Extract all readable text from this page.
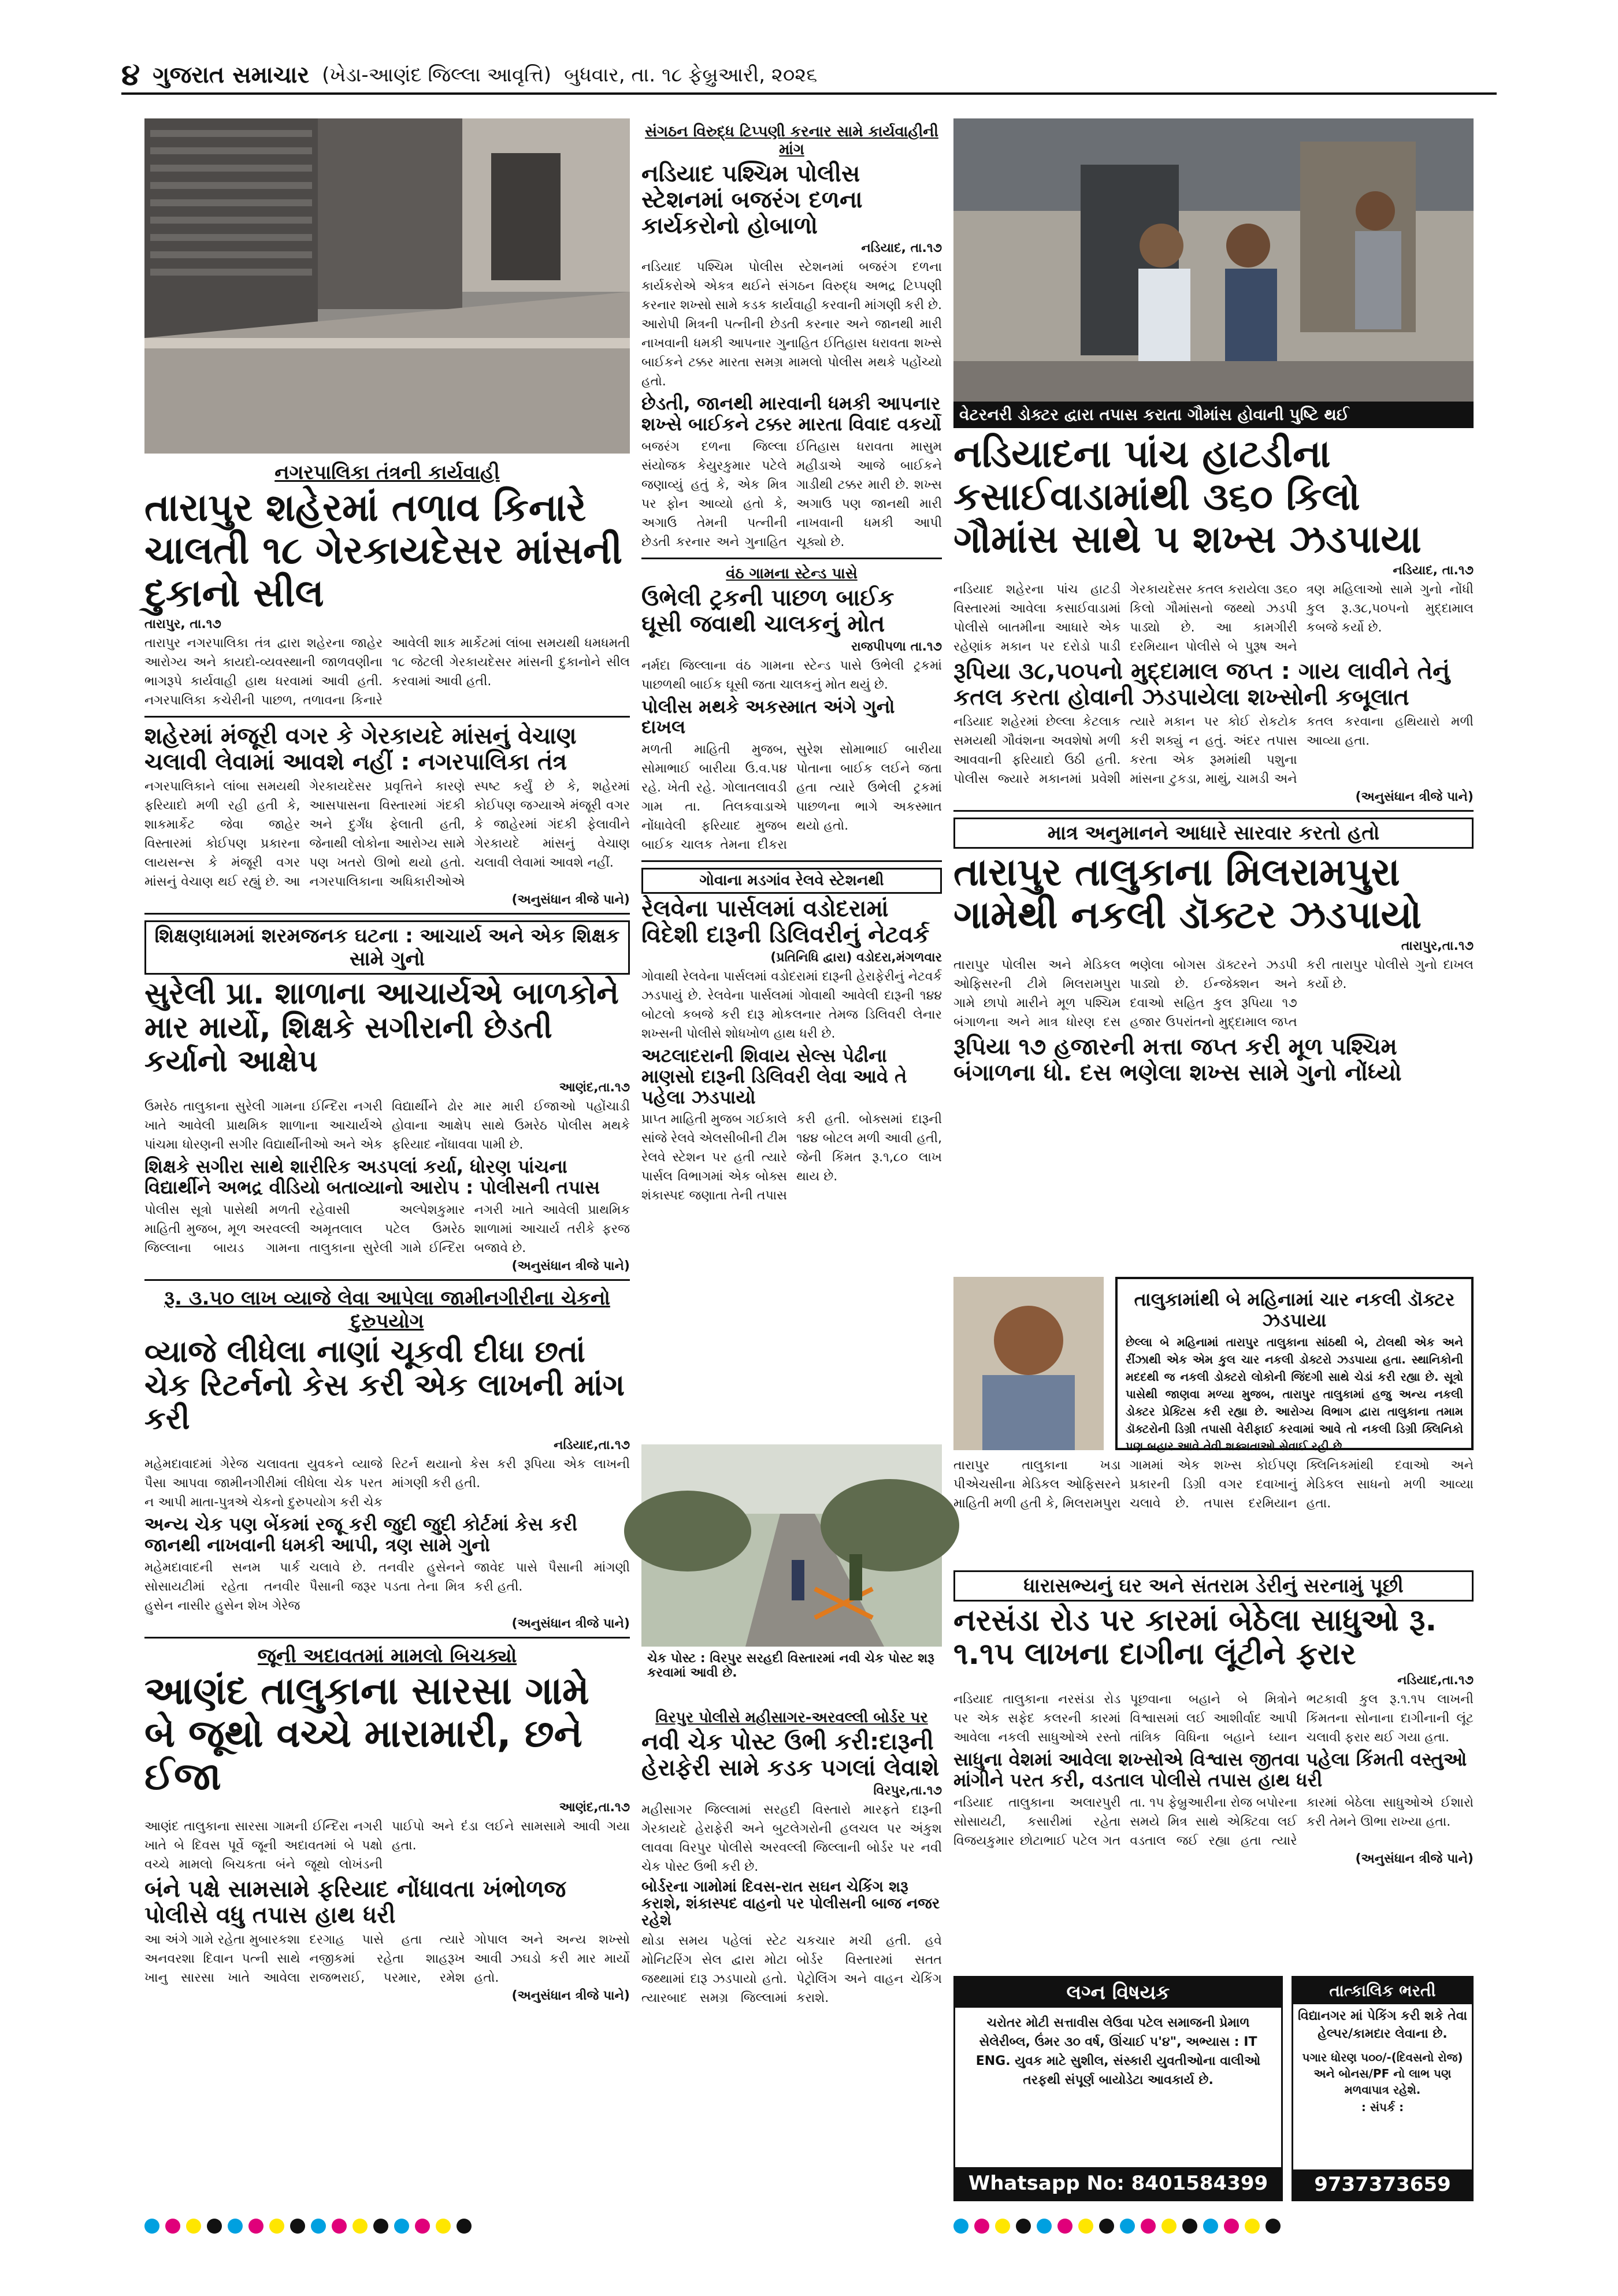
૪ ગુજરાત સમાચાર (ખેડા-આણંદ જિલ્લા આવૃત્તિ) બુધવાર, તા. ૧૮ ફેબ્રુઆરી, ૨૦૨૬
નગરપાલિકા તંત્રની કાર્યવાહી
તારાપુર શહેરમાં તળાવ કિનારે ચાલતી ૧૮ ગેરકાયદેસર માંસની દુકાનો સીલ
તારાપુર, તા.૧૭
તારાપુર નગરપાલિકા તંત્ર દ્વારા શહેરના જાહેર આરોગ્ય અને કાયદો-વ્યવસ્થાની જાળવણીના ભાગરૂપે કાર્યવાહી હાથ ધરવામાં આવી હતી. નગરપાલિકા કચેરીની પાછળ, તળાવના કિનારે આવેલી શાક માર્કેટમાં લાંબા સમયથી ધમધમતી ૧૮ જેટલી ગેરકાયદેસર માંસની દુકાનોને સીલ કરવામાં આવી હતી.
શહેરમાં મંજૂરી વગર કે ગેરકાયદે માંસનું વેચાણ ચલાવી લેવામાં આવશે નહીં : નગરપાલિકા તંત્ર
નગરપાલિકાને લાંબા સમયથી ફરિયાદો મળી રહી હતી કે, શાકમાર્કેટ જેવા જાહેર વિસ્તારમાં કોઈપણ પ્રકારના લાયસન્સ કે મંજૂરી વગર માંસનું વેચાણ થઈ રહ્યું છે. આ ગેરકાયદેસર પ્રવૃત્તિને કારણે આસપાસના વિસ્તારમાં ગંદકી અને દુર્ગંધ ફેલાતી હતી, જેનાથી લોકોના આરોગ્ય સામે પણ ખતરો ઊભો થયો હતો. નગરપાલિકાના અધિકારીઓએ સ્પષ્ટ કર્યું છે કે, શહેરમાં કોઈપણ જગ્યાએ મંજૂરી વગર કે જાહેરમાં ગંદકી ફેલાવીને ગેરકાયદે માંસનું વેચાણ ચલાવી લેવામાં આવશે નહીં.
(અનુસંધાન ત્રીજે પાને)
શિક્ષણધામમાં શરમજનક ઘટના : આચાર્ય અને એક શિક્ષક સામે ગુનો
સુરેલી પ્રા. શાળાના આચાર્યએ બાળકોને માર માર્યો, શિક્ષકે સગીરાની છેડતી કર્યાનો આક્ષેપ
આણંદ,તા.૧૭
ઉમરેઠ તાલુકાના સુરેલી ગામના ઈન્દિરા નગરી ખાતે આવેલી પ્રાથમિક શાળાના આચાર્યએ પાંચમા ધોરણની સગીર વિદ્યાર્થીનીઓ અને એક વિદ્યાર્થીને ઢોર માર મારી ઈજાઓ પહોંચાડી હોવાના આક્ષેપ સાથે ઉમરેઠ પોલીસ મથકે ફરિયાદ નોંધાવવા પામી છે.
શિક્ષકે સગીરા સાથે શારીરિક અડપલાં કર્યા, ધોરણ પાંચના વિદ્યાર્થીને અભદ્ર વીડિયો બતાવ્યાનો આરોપ : પોલીસની તપાસ
પોલીસ સૂત્રો પાસેથી મળતી માહિતી મુજબ, મૂળ અરવલ્લી જિલ્લાના બાયડ ગામના રહેવાસી અલ્પેશકુમાર અમૃતલાલ પટેલ ઉમરેઠ તાલુકાના સુરેલી ગામે ઈન્દિરા નગરી ખાતે આવેલી પ્રાથમિક શાળામાં આચાર્ય તરીકે ફરજ બજાવે છે.
(અનુસંધાન ત્રીજે પાને)
રૂ. ૩.૫૦ લાખ વ્યાજે લેવા આપેલા જામીનગીરીના ચેકનો દુરુપયોગ
વ્યાજે લીધેલા નાણાં ચૂકવી દીધા છતાં ચેક રિટર્નનો કેસ કરી એક લાખની માંગ કરી
નડિયાદ,તા.૧૭
મહેમદાવાદમાં ગેરેજ ચલાવતા યુવકને વ્યાજે પૈસા આપવા જામીનગીરીમાં લીધેલા ચેક પરત ન આપી માતા-પુત્રએ ચેકનો દુરુપયોગ કરી ચેક રિટર્ન થયાનો કેસ કરી રૂપિયા એક લાખની માંગણી કરી હતી.
અન્ય ચેક પણ બેંકમાં રજૂ કરી જુદી જુદી કોર્ટમાં કેસ કરી જાનથી નાખવાની ધમકી આપી, ત્રણ સામે ગુનો
મહેમદાવાદની સનમ પાર્ક સોસાયટીમાં રહેતા તનવીર હુસેન નાસીર હુસેન શેખ ગેરેજ ચલાવે છે. તનવીર હુસેનને પૈસાની જરૂર પડતા તેના મિત્ર જાવેદ પાસે પૈસાની માંગણી કરી હતી.
(અનુસંધાન ત્રીજે પાને)
જૂની અદાવતમાં મામલો બિચક્યો
આણંદ તાલુકાના સારસા ગામે બે જૂથો વચ્ચે મારામારી, છને ઈજા
આણંદ,તા.૧૭
આણંદ તાલુકાના સારસા ગામની ઈન્દિરા નગરી ખાતે બે દિવસ પૂર્વે જૂની અદાવતમાં બે પક્ષો વચ્ચે મામલો બિચકતા બંને જૂથો લોખંડની પાઈપો અને દંડા લઈને સામસામે આવી ગયા હતા.
બંને પક્ષે સામસામે ફરિયાદ નોંધાવતા ખંભોળજ પોલીસે વધુ તપાસ હાથ ધરી
આ અંગે ગામે રહેતા મુબારકશા અનવરશા દિવાન પત્ની સાથે ખાનુ સારસા ખાતે આવેલા દરગાહ પાસે હતા ત્યારે નજીકમાં રહેતા શાહરૂખ રાજભરાઈ, પરમાર, રમેશ ગોપાલ અને અન્ય શખ્સો આવી ઝઘડો કરી માર માર્યો હતો.
(અનુસંધાન ત્રીજે પાને)
સંગઠન વિરુદ્ધ ટિપ્પણી કરનાર સામે કાર્યવાહીની માંગ
નડિયાદ પશ્ચિમ પોલીસ સ્ટેશનમાં બજરંગ દળના કાર્યકરોનો હોબાળો
નડિયાદ, તા.૧૭
નડિયાદ પશ્ચિમ પોલીસ સ્ટેશનમાં બજરંગ દળના કાર્યકરોએ એકત્ર થઈને સંગઠન વિરુદ્ધ અભદ્ર ટિપ્પણી કરનાર શખ્સો સામે કડક કાર્યવાહી કરવાની માંગણી કરી છે. આરોપી મિત્રની પત્નીની છેડતી કરનાર અને જાનથી મારી નાખવાની ધમકી આપનાર ગુનાહિત ઈતિહાસ ધરાવતા શખ્સે બાઈકને ટક્કર મારતા સમગ્ર મામલો પોલીસ મથકે પહોંચ્યો હતો.
છેડતી, જાનથી મારવાની ધમકી આપનાર શખ્સે બાઈકને ટક્કર મારતા વિવાદ વકર્યો
બજરંગ દળના જિલ્લા સંયોજક કેયુરકુમાર પટેલે જણાવ્યું હતું કે, એક મિત્ર પર ફોન આવ્યો હતો કે, અગાઉ તેમની પત્નીની છેડતી કરનાર અને ગુનાહિત ઈતિહાસ ધરાવતા માસુમ મહીડાએ આજે બાઈકને ગાડીથી ટક્કર મારી છે. શખ્સ અગાઉ પણ જાનથી મારી નાખવાની ધમકી આપી ચૂક્યો છે.
વંઠ ગામના સ્ટેન્ડ પાસે
ઉભેલી ટ્રકની પાછળ બાઈક ઘૂસી જવાથી ચાલકનું મોત
રાજપીપળા તા.૧૭
નર્મદા જિલ્લાના વંઠ ગામના સ્ટેન્ડ પાસે ઉભેલી ટ્રકમાં પાછળથી બાઈક ઘૂસી જતા ચાલકનું મોત થયું છે.
પોલીસ મથકે અકસ્માત અંગે ગુનો દાખલ
મળતી માહિતી મુજબ, સોમાભાઈ બારીયા ઉ.વ.૫૪ રહે. ખેતી રહે. ગોલાતલાવડી ગામ તા. તિલકવાડાએ નોંધાવેલી ફરિયાદ મુજબ બાઈક ચાલક તેમના દીકરા સુરેશ સોમાભાઈ બારીયા પોતાના બાઈક લઈને જતા હતા ત્યારે ઉભેલી ટ્રકમાં પાછળના ભાગે અકસ્માત થયો હતો.
ગોવાના મડગાંવ રેલવે સ્ટેશનથી
રેલવેના પાર્સલમાં વડોદરામાં વિદેશી દારૂની ડિલિવરીનું નેટવર્ક
(પ્રતિનિધિ દ્વારા) વડોદરા,મંગળવાર
ગોવાથી રેલવેના પાર્સલમાં વડોદરામાં દારૂની હેરાફેરીનું નેટવર્ક ઝડપાયું છે. રેલવેના પાર્સલમાં ગોવાથી આવેલી દારૂની ૧૪૪ બોટલો કબજે કરી દારૂ મોકલનાર તેમજ ડિલિવરી લેનાર શખ્સની પોલીસે શોધખોળ હાથ ધરી છે.
અટલાદરાની શિવાય સેલ્સ પેઢીના માણસો દારૂની ડિલિવરી લેવા આવે તે પહેલા ઝડપાયો
પ્રાપ્ત માહિતી મુજબ ગઈકાલે સાંજે રેલવે એલસીબીની ટીમ રેલવે સ્ટેશન પર હતી ત્યારે પાર્સલ વિભાગમાં એક બોક્સ શંકાસ્પદ જણાતા તેની તપાસ કરી હતી. બોક્સમાં દારૂની ૧૪૪ બોટલ મળી આવી હતી, જેની કિંમત રૂ.૧,૮૦ લાખ થાય છે.
ચેક પોસ્ટ : વિરપુર સરહદી વિસ્તારમાં નવી ચેક પોસ્ટ શરૂ કરવામાં આવી છે.
વિરપુર પોલીસે મહીસાગર-અરવલ્લી બોર્ડર પર
નવી ચેક પોસ્ટ ઉભી કરી:દારૂની હેરાફેરી સામે કડક પગલાં લેવાશે
વિરપુર,તા.૧૭
મહીસાગર જિલ્લામાં સરહદી વિસ્તારો મારફતે દારૂની ગેરકાયદે હેરાફેરી અને બુટલેગરોની હલચલ પર અંકુશ લાવવા વિરપુર પોલીસે અરવલ્લી જિલ્લાની બોર્ડર પર નવી ચેક પોસ્ટ ઉભી કરી છે.
બોર્ડરના ગામોમાં દિવસ-રાત સઘન ચેકિંગ શરૂ કરાશે, શંકાસ્પદ વાહનો પર પોલીસની બાજ નજર રહેશે
થોડા સમય પહેલાં સ્ટેટ મોનિટરિંગ સેલ દ્વારા મોટા જથ્થામાં દારૂ ઝડપાયો હતો. ત્યારબાદ સમગ્ર જિલ્લામાં ચકચાર મચી હતી. હવે બોર્ડર વિસ્તારમાં સતત પેટ્રોલિંગ અને વાહન ચેકિંગ કરાશે.
વેટરનરી ડોક્ટર દ્વારા તપાસ કરાતા ગૌમાંસ હોવાની પુષ્ટિ થઈ
નડિયાદના પાંચ હાટડીના કસાઈવાડામાંથી ૩૬૦ કિલો ગૌમાંસ સાથે ૫ શખ્સ ઝડપાયા
નડિયાદ, તા.૧૭
નડિયાદ શહેરના પાંચ હાટડી વિસ્તારમાં આવેલા કસાઈવાડામાં પોલીસે બાતમીના આધારે એક રહેણાંક મકાન પર દરોડો પાડી ગેરકાયદેસર કતલ કરાયેલા ૩૬૦ કિલો ગૌમાંસનો જથ્થો ઝડપી પાડ્યો છે. આ કામગીરી દરમિયાન પોલીસે બે પુરૂષ અને ત્રણ મહિલાઓ સામે ગુનો નોંધી કુલ રૂ.૩૮,૫૦૫નો મુદ્દામાલ કબજે કર્યો છે.
રૂપિયા ૩૮,૫૦૫નો મુદ્દામાલ જપ્ત : ગાય લાવીને તેનું કતલ કરતા હોવાની ઝડપાયેલા શખ્સોની કબૂલાત
નડિયાદ શહેરમાં છેલ્લા કેટલાક સમયથી ગૌવંશના અવશેષો મળી આવવાની ફરિયાદો ઉઠી હતી. પોલીસ જ્યારે મકાનમાં પ્રવેશી ત્યારે મકાન પર કોઈ રોકટોક કરી શક્યું ન હતું. અંદર તપાસ કરતા એક રૂમમાંથી પશુના માંસના ટુકડા, માથું, ચામડી અને કતલ કરવાના હથિયારો મળી આવ્યા હતા.
(અનુસંધાન ત્રીજે પાને)
માત્ર અનુમાનને આધારે સારવાર કરતો હતો
તારાપુર તાલુકાના મિલરામપુરા ગામેથી નકલી ડૉક્ટર ઝડપાયો
તારાપુર,તા.૧૭
તારાપુર પોલીસ અને મેડિકલ ઓફિસરની ટીમે મિલરામપુરા ગામે છાપો મારીને મૂળ પશ્ચિમ બંગાળના અને માત્ર ધોરણ દસ ભણેલા બોગસ ડૉક્ટરને ઝડપી પાડ્યો છે. ઈન્જેક્શન અને દવાઓ સહિત કુલ રૂપિયા ૧૭ હજાર ઉપરાંતનો મુદ્દામાલ જપ્ત કરી તારાપુર પોલીસે ગુનો દાખલ કર્યો છે.
રૂપિયા ૧૭ હજારની મત્તા જપ્ત કરી મૂળ પશ્ચિમ બંગાળના ધો. દસ ભણેલા શખ્સ સામે ગુનો નોંધ્યો
તારાપુર તાલુકાના ખડા પીએચસીના મેડિકલ ઓફિસરને માહિતી મળી હતી કે, મિલરામપુરા ગામમાં એક શખ્સ કોઈપણ પ્રકારની ડિગ્રી વગર દવાખાનું ચલાવે છે. તપાસ દરમિયાન ક્લિનિકમાંથી દવાઓ અને મેડિકલ સાધનો મળી આવ્યા હતા.
તાલુકામાંથી બે મહિનામાં ચાર નકલી ડૉક્ટર ઝડપાયા
છેલ્લા બે મહિનામાં તારાપુર તાલુકાના સાંઠથી બે, ટોલથી એક અને રીંઝાથી એક એમ કુલ ચાર નકલી ડોક્ટરો ઝડપાયા હતા. સ્થાનિકોની મદદથી જ નકલી ડોક્ટરો લોકોની જિંદગી સાથે ચેડાં કરી રહ્યા છે. સૂત્રો પાસેથી જાણવા મળ્યા મુજબ, તારાપુર તાલુકામાં હજુ અન્ય નકલી ડોક્ટર પ્રેક્ટિસ કરી રહ્યા છે. આરોગ્ય વિભાગ દ્વારા તાલુકાના તમામ ડૉક્ટરોની ડિગ્રી તપાસી વેરીફાઈ કરવામાં આવે તો નકલી ડિગ્રી ક્લિનિકો પણ બહાર આવે તેવી શક્યતાઓ સેવાઈ રહી છે.
ધારાસભ્યનું ઘર અને સંતરામ ડેરીનું સરનામું પૂછી
નરસંડા રોડ પર કારમાં બેઠેલા સાધુઓ રૂ. ૧.૧૫ લાખના દાગીના લૂંટીને ફરાર
નડિયાદ,તા.૧૭
નડિયાદ તાલુકાના નરસંડા રોડ પર એક સફેદ કલરની કારમાં આવેલા નકલી સાધુઓએ રસ્તો પૂછવાના બહાને બે મિત્રોને વિશ્વાસમાં લઈ આશીર્વાદ આપી તાંત્રિક વિધિના બહાને ધ્યાન ભટકાવી કુલ રૂ.૧.૧૫ લાખની કિંમતના સોનાના દાગીનાની લૂંટ ચલાવી ફરાર થઈ ગયા હતા.
સાધુના વેશમાં આવેલા શખ્સોએ વિશ્વાસ જીતવા પહેલા કિંમતી વસ્તુઓ માંગીને પરત કરી, વડતાલ પોલીસે તપાસ હાથ ધરી
નડિયાદ તાલુકાના અલારપુરી સોસાયટી, કસારીમાં રહેતા વિજયકુમાર છોટાભાઈ પટેલ ગત તા. ૧૫ ફેબ્રુઆરીના રોજ બપોરના સમયે મિત્ર સાથે એક્ટિવા લઈ વડતાલ જઈ રહ્યા હતા ત્યારે કારમાં બેઠેલા સાધુઓએ ઈશારો કરી તેમને ઊભા રાખ્યા હતા.
(અનુસંધાન ત્રીજે પાને)
લગ્ન વિષયક
ચરોતર મોટી સત્તાવીસ લેઉવા પટેલ સમાજની પ્રેમાળ સેલેરીબ્લ, ઉંમર ૩૦ વર્ષ, ઊંચાઈ ૫'૪", અભ્યાસ : IT ENG. યુવક માટે સુશીલ, સંસ્કારી યુવતીઓના વાલીઓ તરફથી સંપૂર્ણ બાયોડેટા આવકાર્ય છે.
Whatsapp No: 8401584399
તાત્કાલિક ભરતી
વિદ્યાનગર માં પેકિંગ કરી શકે તેવા હેલ્પર/કામદાર લેવાના છે.
પગાર ધોરણ ૫૦૦/-(દિવસનો રોજ) અને બોનસ/PF નો લાભ પણ મળવાપાત્ર રહેશે.
: સંપર્ક :
9737373659
